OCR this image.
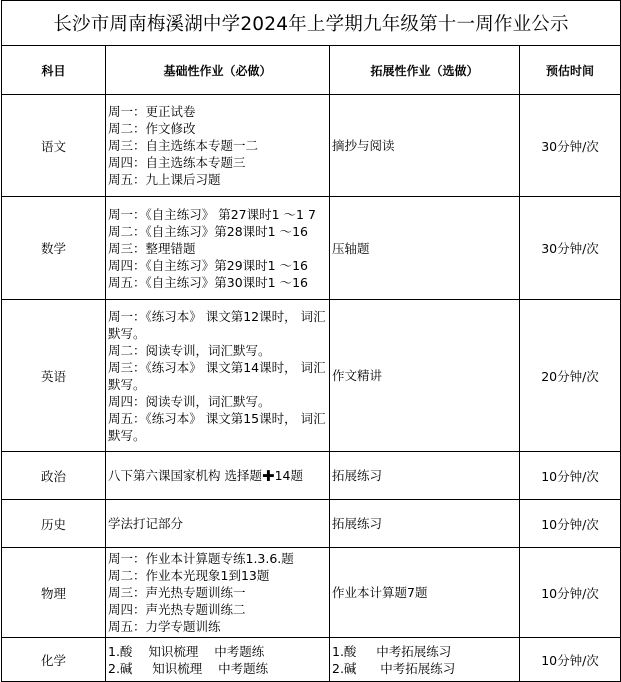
长沙市周南梅溪湖中学2024年上学期九年级第十一周作业公示			
科目	基础性作业（必做）	拓展性作业（选做）	预估时间
语文	周一：更正试卷
周二：作文修改
周三：自主选练本专题一二
周四：自主选练本专题三
周五：九上课后习题	摘抄与阅读	30分钟/次
数学	周一：《自主练习》 第27课时1 ～1 7
周二：《自主练习》第28课时1 ～16
周三：整理错题
周四：《自主练习》第29课时1 ～16
周五：《自主练习》第30课时1 ～16	压轴题	30分钟/次
英语	周一：《练习本》 课文第12课时， 词汇默写。
周二：阅读专训，词汇默写。
周三：《练习本》 课文第14课时， 词汇默写。
周四：阅读专训，词汇默写。
周五：《练习本》 课文第15课时， 词汇默写。	作文精讲	20分钟/次
政治	八下第六课国家机构 选择题✚14题	拓展练习	10分钟/次
历史	学法打记部分	拓展练习	10分钟/次
物理	周一：作业本计算题专练1.3.6.题
周二：作业本光现象1到13题
周三：声光热专题训练一
周四：声光热专题训练二
周五：力学专题训练	作业本计算题7题	10分钟/次
化学	1.酸    知识梳理    中考题练
2.碱     知识梳理    中考题练	1.酸     中考拓展练习
2.碱      中考拓展练习	10分钟/次
